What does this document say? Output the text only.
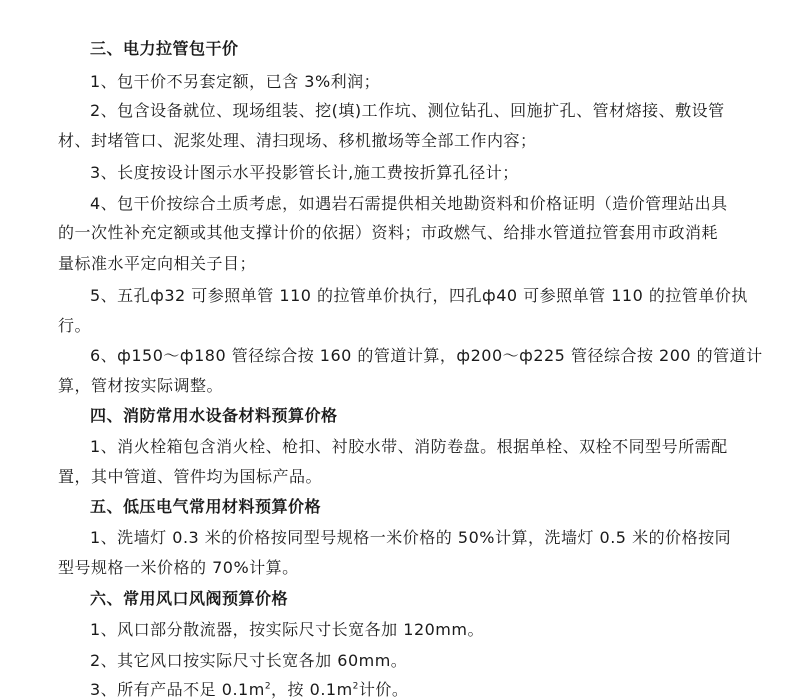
三、电力拉管包干价
1、包干价不另套定额，已含 3%利润；
2、包含设备就位、现场组装、挖(填)工作坑、测位钻孔、回施扩孔、管材熔接、敷设管
材、封堵管口、泥浆处理、清扫现场、移机撤场等全部工作内容；
3、长度按设计图示水平投影管长计,施工费按折算孔径计；
4、包干价按综合土质考虑，如遇岩石需提供相关地勘资料和价格证明（造价管理站出具
的一次性补充定额或其他支撑计价的依据）资料；市政燃气、给排水管道拉管套用市政消耗
量标准水平定向相关子目；
5、五孔ф32 可参照单管 110 的拉管单价执行，四孔ф40 可参照单管 110 的拉管单价执
行。
6、ф150～ф180 管径综合按 160 的管道计算，ф200～ф225 管径综合按 200 的管道计
算，管材按实际调整。
四、消防常用水设备材料预算价格
1、消火栓箱包含消火栓、枪扣、衬胶水带、消防卷盘。根据单栓、双栓不同型号所需配
置，其中管道、管件均为国标产品。
五、低压电气常用材料预算价格
1、洗墙灯 0.3 米的价格按同型号规格一米价格的 50%计算，洗墙灯 0.5 米的价格按同
型号规格一米价格的 70%计算。
六、常用风口风阀预算价格
1、风口部分散流器，按实际尺寸长宽各加 120mm。
2、其它风口按实际尺寸长宽各加 60mm。
3、所有产品不足 $0.1m^2$，按 $0.1m^2$计价。
